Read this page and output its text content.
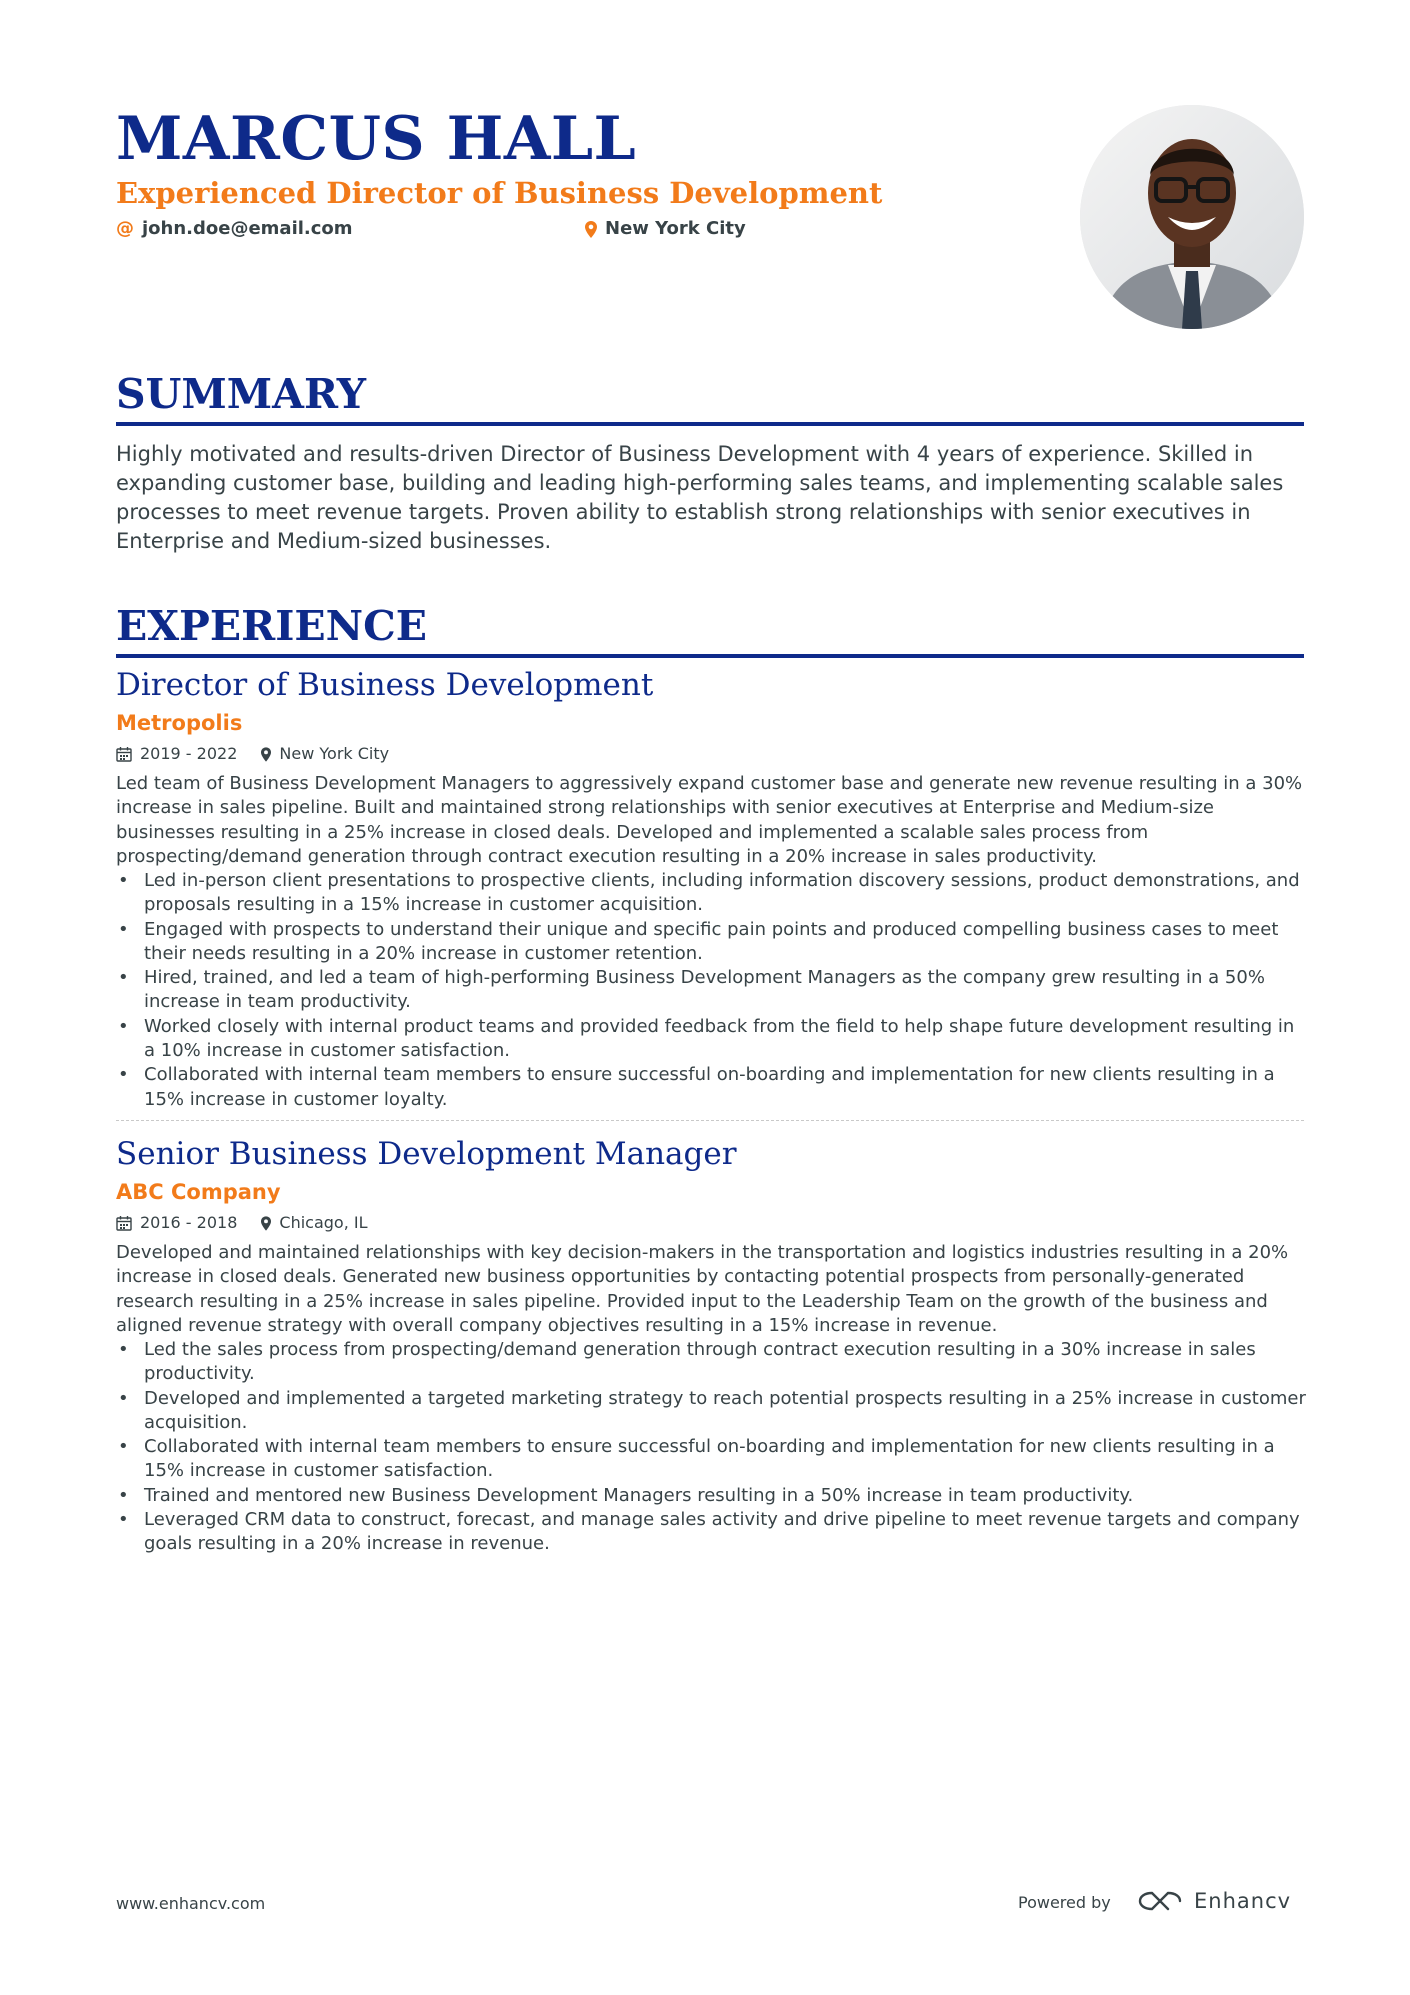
MARCUS HALL
Experienced Director of Business Development
@ john.doe@email.com	New York City
SUMMARY
Highly motivated and results-driven Director of Business Development with 4 years of experience. Skilled in expanding customer base, building and leading high-performing sales teams, and implementing scalable sales processes to meet revenue targets. Proven ability to establish strong relationships with senior executives in Enterprise and Medium-sized businesses.
EXPERIENCE
Director of Business Development
Metropolis
2019 - 2022	New York City
Led team of Business Development Managers to aggressively expand customer base and generate new revenue resulting in a 30% increase in sales pipeline. Built and maintained strong relationships with senior executives at Enterprise and Medium-size businesses resulting in a 25% increase in closed deals. Developed and implemented a scalable sales process from prospecting/demand generation through contract execution resulting in a 20% increase in sales productivity.
• Led in-person client presentations to prospective clients, including information discovery sessions, product demonstrations, and proposals resulting in a 15% increase in customer acquisition.
• Engaged with prospects to understand their unique and specific pain points and produced compelling business cases to meet their needs resulting in a 20% increase in customer retention.
• Hired, trained, and led a team of high-performing Business Development Managers as the company grew resulting in a 50% increase in team productivity.
• Worked closely with internal product teams and provided feedback from the field to help shape future development resulting in a 10% increase in customer satisfaction.
• Collaborated with internal team members to ensure successful on-boarding and implementation for new clients resulting in a 15% increase in customer loyalty.
Senior Business Development Manager
ABC Company
2016 - 2018	Chicago, IL
Developed and maintained relationships with key decision-makers in the transportation and logistics industries resulting in a 20% increase in closed deals. Generated new business opportunities by contacting potential prospects from personally-generated research resulting in a 25% increase in sales pipeline. Provided input to the Leadership Team on the growth of the business and aligned revenue strategy with overall company objectives resulting in a 15% increase in revenue.
• Led the sales process from prospecting/demand generation through contract execution resulting in a 30% increase in sales productivity.
• Developed and implemented a targeted marketing strategy to reach potential prospects resulting in a 25% increase in customer acquisition.
• Collaborated with internal team members to ensure successful on-boarding and implementation for new clients resulting in a 15% increase in customer satisfaction.
• Trained and mentored new Business Development Managers resulting in a 50% increase in team productivity.
• Leveraged CRM data to construct, forecast, and manage sales activity and drive pipeline to meet revenue targets and company goals resulting in a 20% increase in revenue.
www.enhancv.com	Powered by	Enhancv
